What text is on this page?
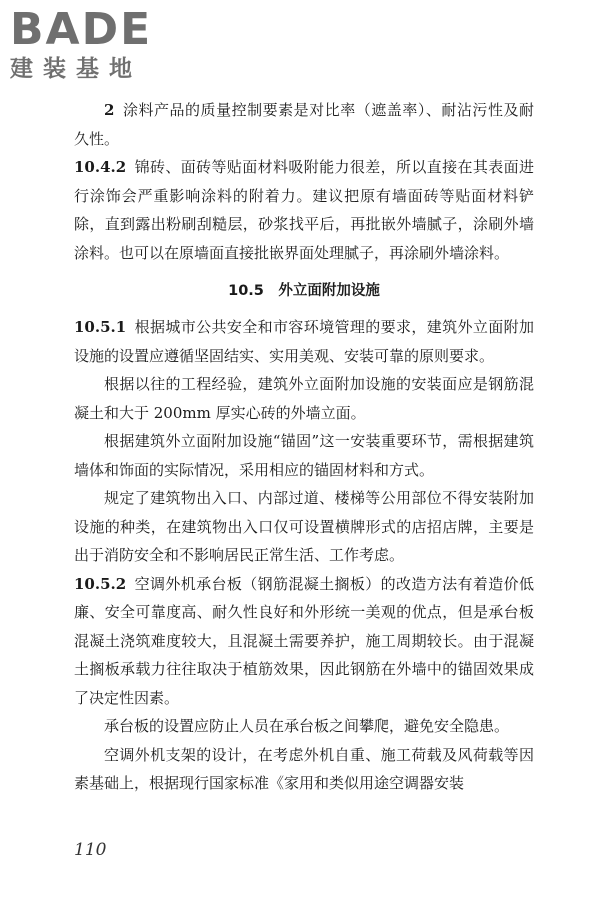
BADE
建装基地

2 涂料产品的质量控制要素是对比率（遮盖率）、耐沾污性及耐久性。

10.4.2 锦砖、面砖等贴面材料吸附能力很差，所以直接在其表面进行涂饰会严重影响涂料的附着力。建议把原有墙面砖等贴面材料铲除，直到露出粉刷刮糙层，砂浆找平后，再批嵌外墙腻子，涂刷外墙涂料。也可以在原墙面直接批嵌界面处理腻子，再涂刷外墙涂料。

10.5　外立面附加设施

10.5.1 根据城市公共安全和市容环境管理的要求，建筑外立面附加设施的设置应遵循坚固结实、实用美观、安装可靠的原则要求。

根据以往的工程经验，建筑外立面附加设施的安装面应是钢筋混凝土和大于 200mm 厚实心砖的外墙立面。

根据建筑外立面附加设施“锚固”这一安装重要环节，需根据建筑墙体和饰面的实际情况，采用相应的锚固材料和方式。

规定了建筑物出入口、内部过道、楼梯等公用部位不得安装附加设施的种类，在建筑物出入口仅可设置横牌形式的店招店牌，主要是出于消防安全和不影响居民正常生活、工作考虑。

10.5.2 空调外机承台板（钢筋混凝土搁板）的改造方法有着造价低廉、安全可靠度高、耐久性良好和外形统一美观的优点，但是承台板混凝土浇筑难度较大，且混凝土需要养护，施工周期较长。由于混凝土搁板承载力往往取决于植筋效果，因此钢筋在外墙中的锚固效果成了决定性因素。

承台板的设置应防止人员在承台板之间攀爬，避免安全隐患。

空调外机支架的设计，在考虑外机自重、施工荷载及风荷载等因素基础上，根据现行国家标准《家用和类似用途空调器安装

110
